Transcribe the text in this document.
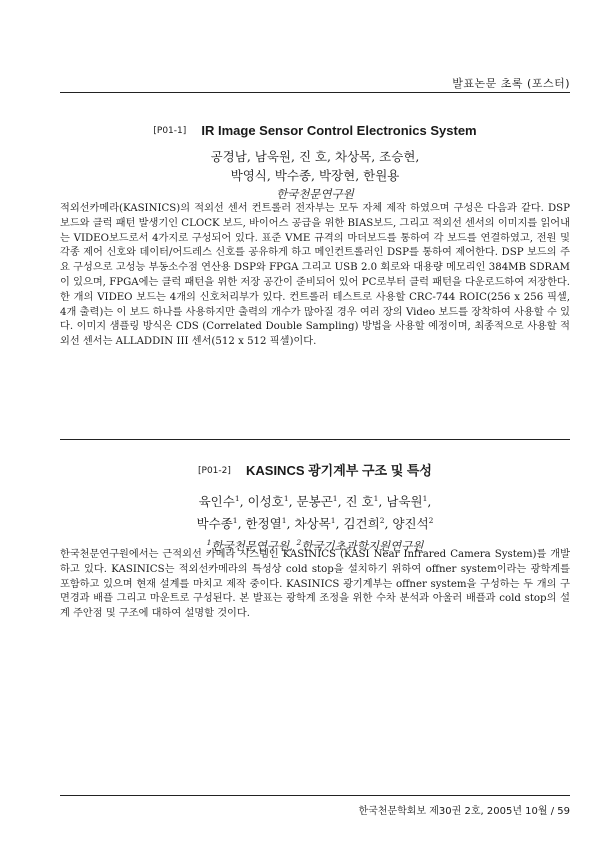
발표논문 초록 (포스터)
[P01-1] IR Image Sensor Control Electronics System
공경남, 남욱원, 진 호, 차상목, 조승현,
박영식, 박수종, 박장현, 한원용
한국천문연구원

적외선카메라(KASINICS)의 적외선 센서 컨트롤러 전자부는 모두 자체 제작 하였으며 구성은 다음과 같다. DSP 보드와 클럭 패턴 발생기인 CLOCK 보드, 바이어스 공급을 위한 BIAS보드, 그리고 적외선 센서의 이미지를 읽어내는 VIDEO보드로서 4가지로 구성되어 있다. 표준 VME 규격의 마더보드를 통하여 각 보드를 연결하였고, 전원 및 각종 제어 신호와 데이터/어드레스 신호를 공유하게 하고 메인컨트롤러인 DSP를 통하여 제어한다. DSP 보드의 주요 구성으로 고성능 부동소수점 연산용 DSP와 FPGA 그리고 USB 2.0 회로와 대용량 메모리인 384MB SDRAM이 있으며, FPGA에는 클럭 패턴을 위한 저장 공간이 준비되어 있어 PC로부터 클럭 패턴을 다운로드하여 저장한다. 한 개의 VIDEO 보드는 4개의 신호처리부가 있다. 컨트롤러 테스트로 사용할 CRC-744 ROIC(256 x 256 픽셀, 4개 출력)는 이 보드 하나를 사용하지만 출력의 개수가 많아질 경우 여러 장의 Video 보드를 장착하여 사용할 수 있다. 이미지 샘플링 방식은 CDS (Correlated Double Sampling) 방법을 사용할 예정이며, 최종적으로 사용할 적외선 센서는 ALLADDIN III 센서(512 x 512 픽셀)이다.

[P01-2] KASINCS 광기계부 구조 및 특성
육인수$^1$, 이성호$^1$, 문봉곤$^1$, 진 호$^1$, 남욱원$^1$,
박수종$^1$, 한정열$^1$, 차상목$^1$, 김건희$^2$, 양진석$^2$
$^1$한국천문연구원, $^2$한국기초과학지원연구원

한국천문연구원에서는 근적외선 카메라 시스템인 KASINICS (KASI Near Infrared Camera System)를 개발하고 있다. KASINICS는 적외선카메라의 특성상 cold stop을 설치하기 위하여 offner system이라는 광학계를 포함하고 있으며 현재 설계를 마치고 제작 중이다. KASINICS 광기계부는 offner system을 구성하는 두 개의 구면경과 배플 그리고 마운트로 구성된다. 본 발표는 광학계 조정을 위한 수차 분석과 아울러 배플과 cold stop의 설계 주안점 및 구조에 대하여 설명할 것이다.

한국천문학회보 제30권 2호, 2005년 10월 / 59
